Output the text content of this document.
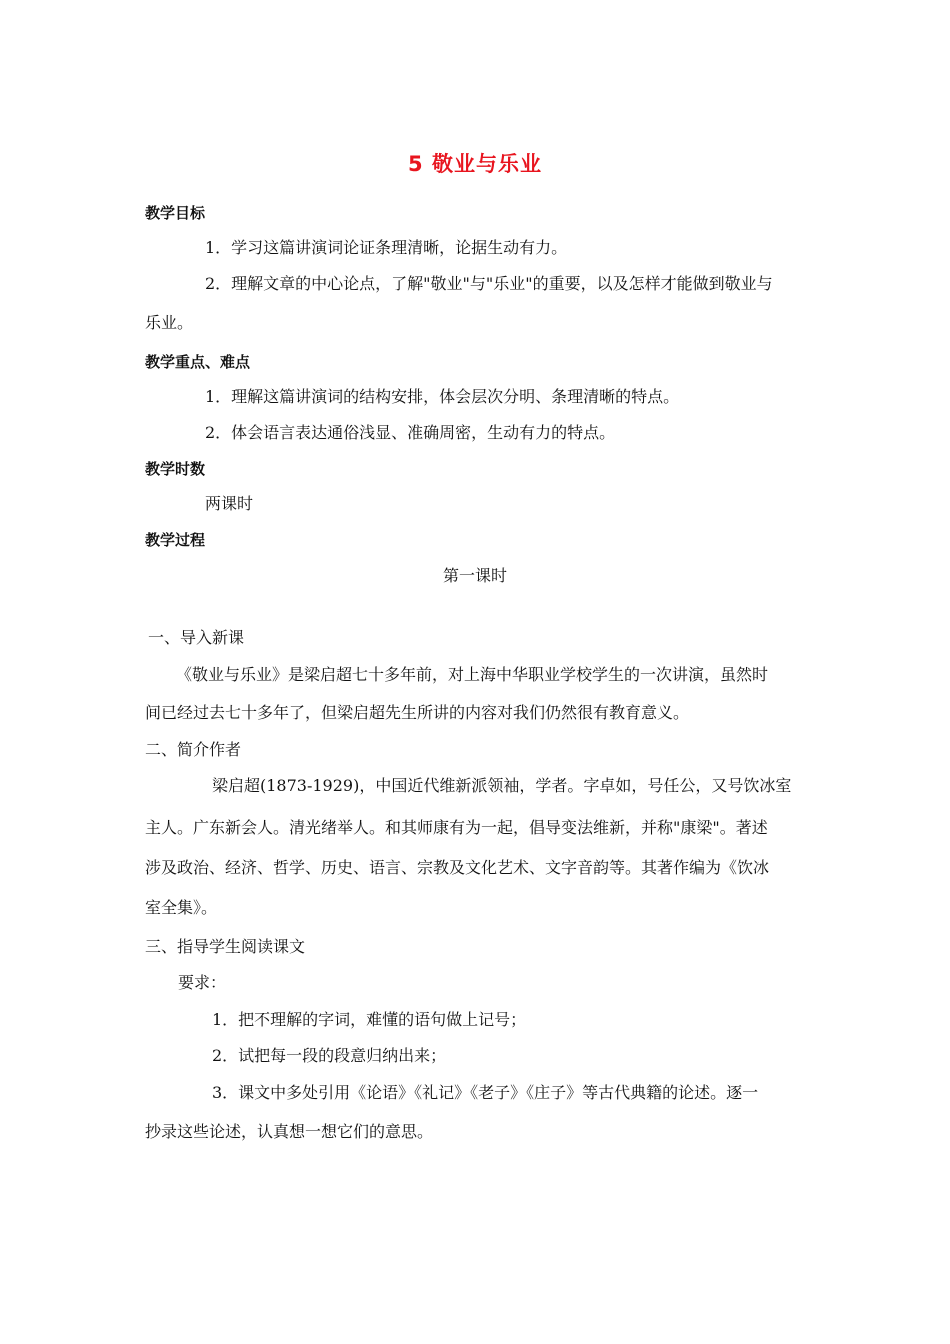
5 敬业与乐业
教学目标
1．学习这篇讲演词论证条理清晰，论据生动有力。
2．理解文章的中心论点，了解"敬业"与"乐业"的重要，以及怎样才能做到敬业与
乐业。
教学重点、难点
1．理解这篇讲演词的结构安排，体会层次分明、条理清晰的特点。
2．体会语言表达通俗浅显、准确周密，生动有力的特点。
教学时数
两课时
教学过程
第一课时
一、导入新课
《敬业与乐业》是梁启超七十多年前，对上海中华职业学校学生的一次讲演，虽然时
间已经过去七十多年了，但梁启超先生所讲的内容对我们仍然很有教育意义。
二、简介作者
梁启超(1873-1929)，中国近代维新派领袖，学者。字卓如，号任公，又号饮冰室
主人。广东新会人。清光绪举人。和其师康有为一起，倡导变法维新，并称"康梁"。著述
涉及政治、经济、哲学、历史、语言、宗教及文化艺术、文字音韵等。其著作编为《饮冰
室全集》。
三、指导学生阅读课文
要求：
1．把不理解的字词，难懂的语句做上记号；
2．试把每一段的段意归纳出来；
3．课文中多处引用《论语》《礼记》《老子》《庄子》等古代典籍的论述。逐一
抄录这些论述，认真想一想它们的意思。
